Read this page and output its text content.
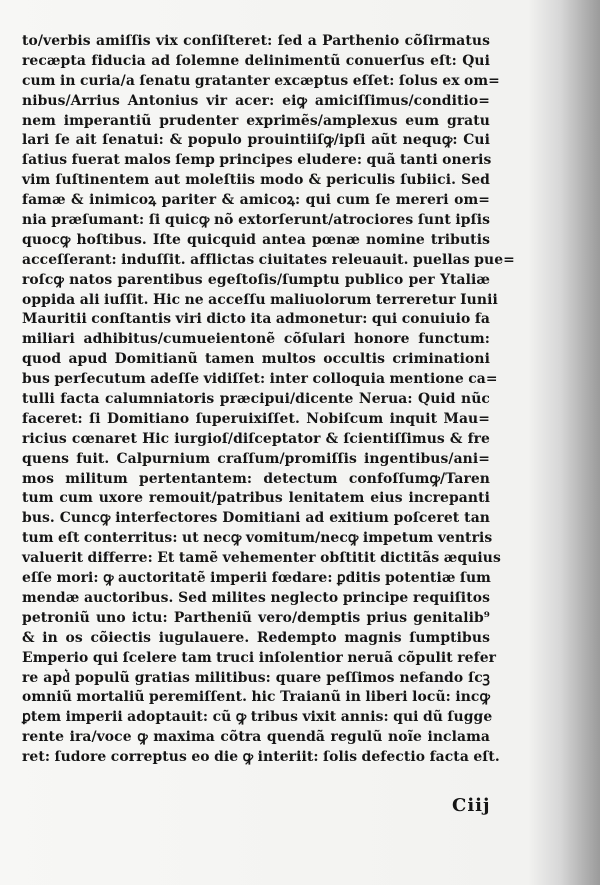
to/verbis amiſſis vix conſiſteret: ſed a Parthenio cõſirmatus
recæpta fiducia ad ſolemne delinimentũ conuerſus eſt: Qui
cum in curia/a ſenatu gratanter excæptus eſſet: ſolus ex om=
nibus/Arrius Antonius vir acer: eiꝙ amiciſſimus/conditio=
nem imperantiũ prudenter exprimẽs/amplexus eum gratu
lari ſe ait ſenatui: & populo prouintiiſꝙ/ipſi aũt nequꝙ: Cui
ſatius fuerat malos ſemp principes eludere: quã tanti oneris
vim ſuſtinentem aut moleſtiis modo & periculis ſubiici. Sed
famæ & inimicoꝝ pariter & amicoꝝ: qui cum ſe mereri om=
nia præſumant: ſi quicꝙ nõ extorſerunt/atrociores ſunt ipſis
quocꝙ hoſtibus. Iſte quicquid antea pœnæ nomine tributis
acceſſerant: induſſit. afflictas ciuitates releuauit. puellas pue=
roſcꝙ natos parentibus egeſtoſis/ſumptu publico per Ytaliæ
oppida ali iuſſit. Hic ne acceſſu maliuolorum terreretur Iunii
Mauritii conſtantis viri dicto ita admonetur: qui conuiuio fa
miliari adhibitus/cumueientonẽ cõſulari honore functum:
quod apud Domitianũ tamen multos occultis criminationi
bus perſecutum adeſſe vidiſſet: inter colloquia mentione ca=
tulli facta calumniatoris præcipui/dicente Nerua: Quid nũc
faceret: ſi Domitiano ſuperuixiſſet. Nobiſcum inquit Mau=
ricius cœnaret Hic iurgioſ/diſceptator & ſcientiſſimus & fre
quens fuit. Calpurnium craſſum/promiſſis ingentibus/ani=
mos militum pertentantem: detectum confoſſumꝙ/Taren
tum cum uxore remouit/patribus lenitatem eius increpanti
bus. Cuncꝙ interfectores Domitiani ad exitium poſceret tan
tum eſt conterritus: ut necꝙ vomitum/necꝙ impetum ventris
valuerit differre: Et tamẽ vehementer obſtitit dictitãs æquius
eſſe mori: ꝙ auctoritatẽ imperii fœdare: ꝑditis potentiæ ſum
mendæ auctoribus. Sed milites neglecto principe requiſitos
petroniũ uno ictu: Partheniũ vero/demptis prius genitalib⁹
& in os cõiectis iugulauere. Redempto magnis ſumptibus
Emperio qui ſcelere tam truci inſolentior neruã cõpulit refer
re apd͛ populũ gratias militibus: quare peſſimos nefando ſcꝫ
omniũ mortaliũ peremiſſent. hic Traianũ in liberi locũ: incꝙ
ꝑtem imperii adoptauit: cũ ꝙ tribus vixit annis: qui dũ ſugge
rente ira/voce ꝙ maxima cõtra quendã regulũ noĩe inclama
ret: ſudore correptus eo die ꝙ interiit: ſolis defectio facta eſt.
Ciij
